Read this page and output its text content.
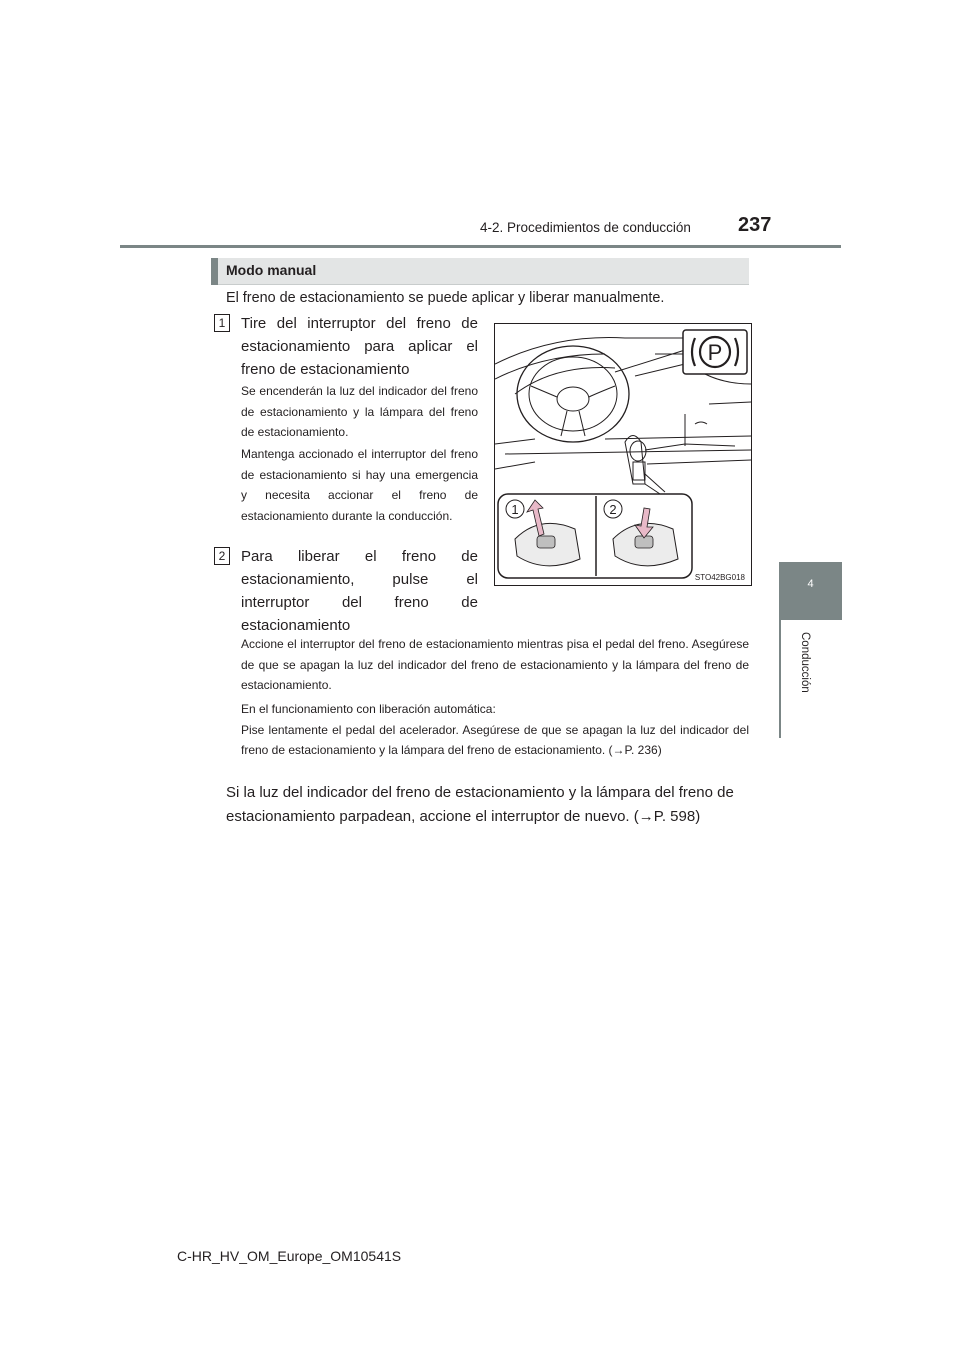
4-2. Procedimientos de conducción 237
4
Conducción
Modo manual
El freno de estacionamiento se puede aplicar y liberar manualmente.
1	Tire del interruptor del freno de estacionamiento para aplicar el freno de estacionamiento
Se encenderán la luz del indicador del freno de estacionamiento y la lámpara del freno de estacionamiento.
Mantenga accionado el interruptor del freno de estacionamiento si hay una emergencia y necesita accionar el freno de estacionamiento durante la conducción.
2	Para liberar el freno de estacionamiento, pulse el interruptor del freno de estacionamiento
Accione el interruptor del freno de estacionamiento mientras pisa el pedal del freno. Asegúrese de que se apagan la luz del indicador del freno de estacionamiento y la lámpara del freno de estacionamiento.
En el funcionamiento con liberación automática:
Pise lentamente el pedal del acelerador. Asegúrese de que se apagan la luz del indicador del freno de estacionamiento y la lámpara del freno de estacionamiento. (→P. 236)
Si la luz del indicador del freno de estacionamiento y la lámpara del freno de estacionamiento parpadean, accione el interruptor de nuevo. (→P. 598)
P
1	2
STO42BG018
C-HR_HV_OM_Europe_OM10541S
